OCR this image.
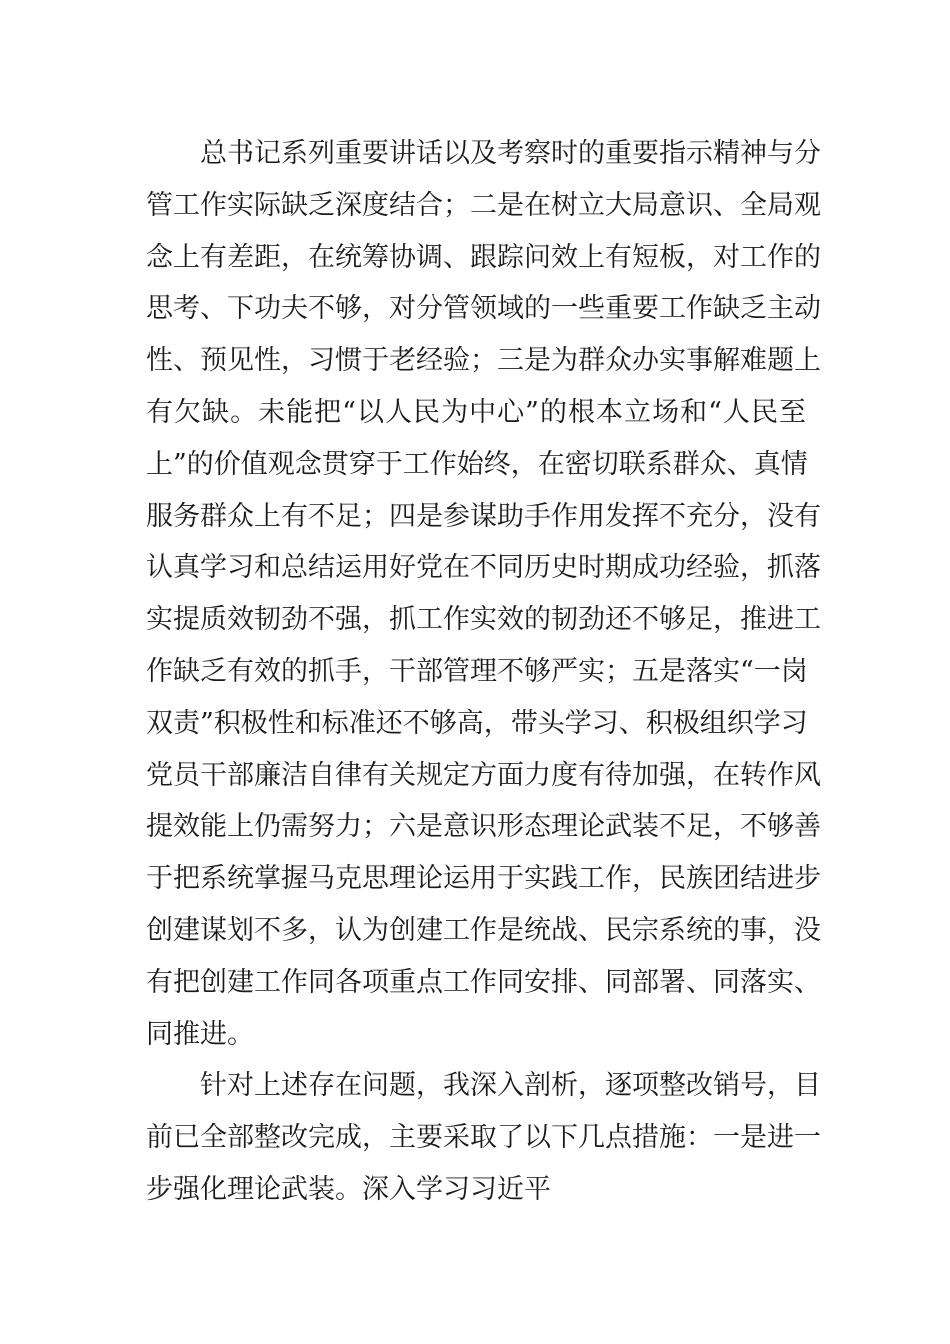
总书记系列重要讲话以及考察时的重要指示精神与分
管工作实际缺乏深度结合；二是在树立大局意识、全局观
念上有差距，在统筹协调、跟踪问效上有短板，对工作的
思考、下功夫不够，对分管领域的一些重要工作缺乏主动
性、预见性，习惯于老经验；三是为群众办实事解难题上
有欠缺。未能把“以人民为中心”的根本立场和“人民至
上”的价值观念贯穿于工作始终，在密切联系群众、真情
服务群众上有不足；四是参谋助手作用发挥不充分，没有
认真学习和总结运用好党在不同历史时期成功经验，抓落
实提质效韧劲不强，抓工作实效的韧劲还不够足，推进工
作缺乏有效的抓手，干部管理不够严实；五是落实“一岗
双责”积极性和标准还不够高，带头学习、积极组织学习
党员干部廉洁自律有关规定方面力度有待加强，在转作风
提效能上仍需努力；六是意识形态理论武装不足，不够善
于把系统掌握马克思理论运用于实践工作，民族团结进步
创建谋划不多，认为创建工作是统战、民宗系统的事，没
有把创建工作同各项重点工作同安排、同部署、同落实、
同推进。
针对上述存在问题，我深入剖析，逐项整改销号，目
前已全部整改完成，主要采取了以下几点措施：一是进一
步强化理论武装。深入学习习近平
